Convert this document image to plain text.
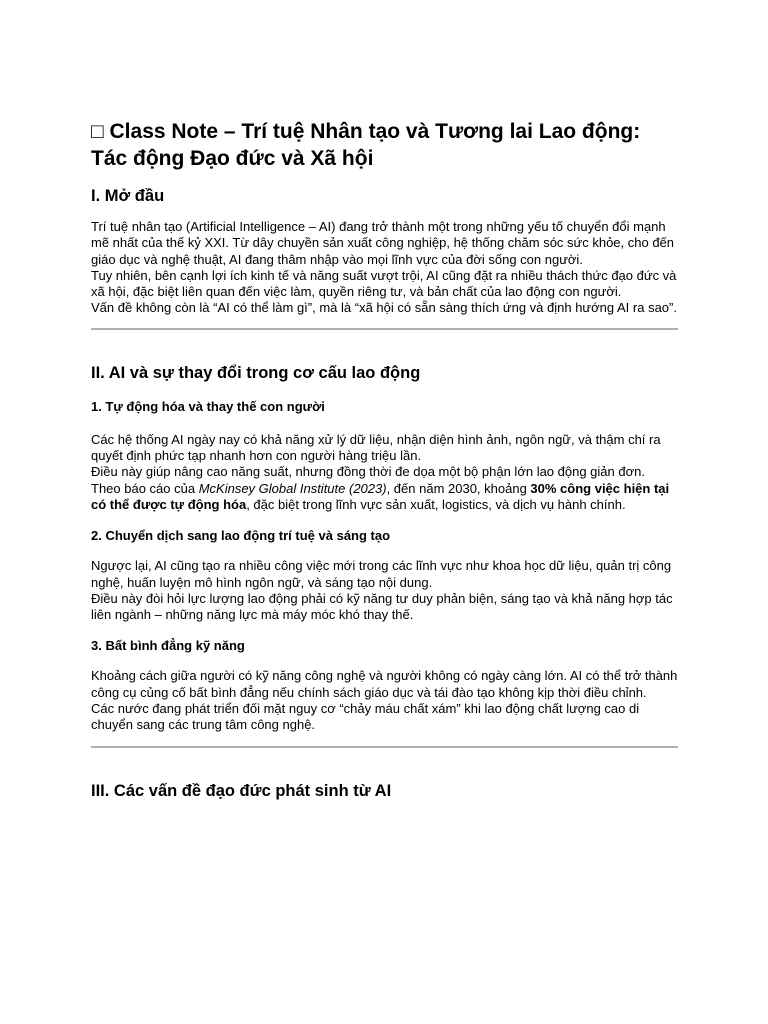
□ Class Note – Trí tuệ Nhân tạo và Tương lai Lao động:
Tác động Đạo đức và Xã hội
I. Mở đầu
Trí tuệ nhân tạo (Artificial Intelligence – AI) đang trở thành một trong những yếu tố chuyển đổi mạnh mẽ nhất của thế kỷ XXI. Từ dây chuyền sản xuất công nghiệp, hệ thống chăm sóc sức khỏe, cho đến giáo dục và nghệ thuật, AI đang thâm nhập vào mọi lĩnh vực của đời sống con người.
Tuy nhiên, bên cạnh lợi ích kinh tế và năng suất vượt trội, AI cũng đặt ra nhiều thách thức đạo đức và xã hội, đặc biệt liên quan đến việc làm, quyền riêng tư, và bản chất của lao động con người.
Vấn đề không còn là “AI có thể làm gì”, mà là “xã hội có sẵn sàng thích ứng và định hướng AI ra sao”.
II. AI và sự thay đổi trong cơ cấu lao động
1. Tự động hóa và thay thế con người
Các hệ thống AI ngày nay có khả năng xử lý dữ liệu, nhận diện hình ảnh, ngôn ngữ, và thậm chí ra quyết định phức tạp nhanh hơn con người hàng triệu lần.
Điều này giúp nâng cao năng suất, nhưng đồng thời đe dọa một bộ phận lớn lao động giản đơn.
Theo báo cáo của McKinsey Global Institute (2023), đến năm 2030, khoảng 30% công việc hiện tại có thể được tự động hóa, đặc biệt trong lĩnh vực sản xuất, logistics, và dịch vụ hành chính.
2. Chuyển dịch sang lao động trí tuệ và sáng tạo
Ngược lại, AI cũng tạo ra nhiều công việc mới trong các lĩnh vực như khoa học dữ liệu, quản trị công nghệ, huấn luyện mô hình ngôn ngữ, và sáng tạo nội dung.
Điều này đòi hỏi lực lượng lao động phải có kỹ năng tư duy phản biện, sáng tạo và khả năng hợp tác liên ngành – những năng lực mà máy móc khó thay thế.
3. Bất bình đẳng kỹ năng
Khoảng cách giữa người có kỹ năng công nghệ và người không có ngày càng lớn. AI có thể trở thành công cụ củng cố bất bình đẳng nếu chính sách giáo dục và tái đào tạo không kịp thời điều chỉnh.
Các nước đang phát triển đối mặt nguy cơ “chảy máu chất xám” khi lao động chất lượng cao di chuyển sang các trung tâm công nghệ.
III. Các vấn đề đạo đức phát sinh từ AI
